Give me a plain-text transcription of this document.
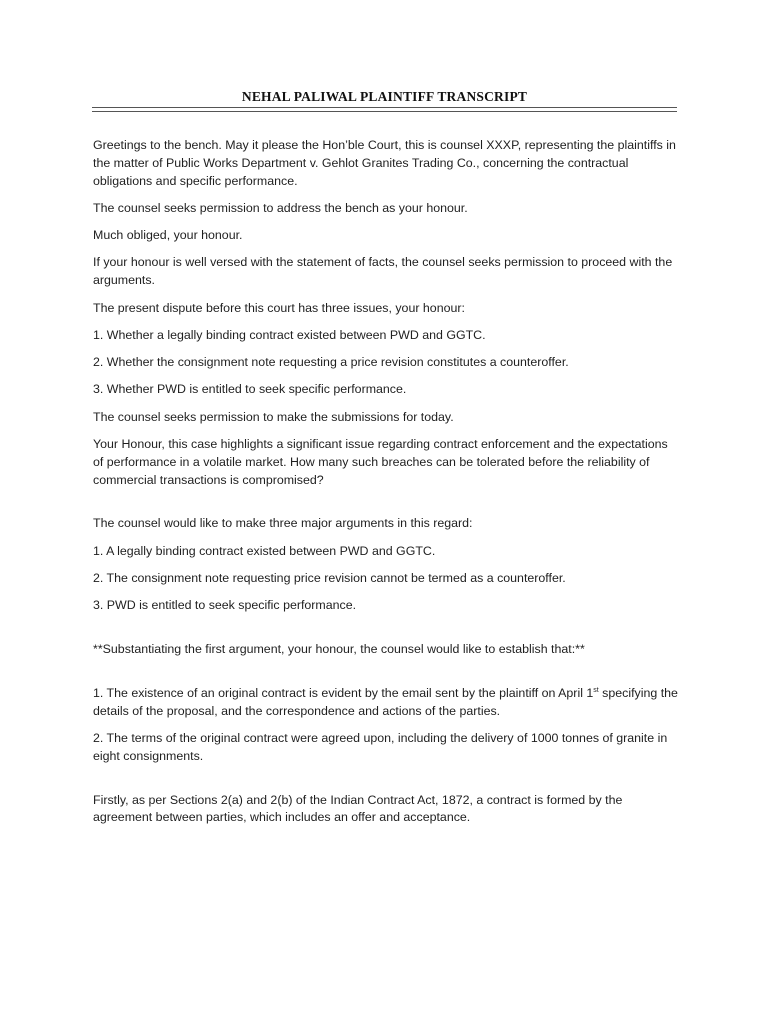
NEHAL PALIWAL PLAINTIFF TRANSCRIPT

Greetings to the bench. May it please the Hon’ble Court, this is counsel XXXP, representing the plaintiffs in the matter of Public Works Department v. Gehlot Granites Trading Co., concerning the contractual obligations and specific performance.

The counsel seeks permission to address the bench as your honour.

Much obliged, your honour.

If your honour is well versed with the statement of facts, the counsel seeks permission to proceed with the arguments.

The present dispute before this court has three issues, your honour:

1. Whether a legally binding contract existed between PWD and GGTC.

2. Whether the consignment note requesting a price revision constitutes a counteroffer.

3. Whether PWD is entitled to seek specific performance.

The counsel seeks permission to make the submissions for today.

Your Honour, this case highlights a significant issue regarding contract enforcement and the expectations of performance in a volatile market. How many such breaches can be tolerated before the reliability of commercial transactions is compromised?

The counsel would like to make three major arguments in this regard:

1. A legally binding contract existed between PWD and GGTC.

2. The consignment note requesting price revision cannot be termed as a counteroffer.

3. PWD is entitled to seek specific performance.

**Substantiating the first argument, your honour, the counsel would like to establish that:**

1. The existence of an original contract is evident by the email sent by the plaintiff on April 1st specifying the details of the proposal, and the correspondence and actions of the parties.

2. The terms of the original contract were agreed upon, including the delivery of 1000 tonnes of granite in eight consignments.

Firstly, as per Sections 2(a) and 2(b) of the Indian Contract Act, 1872, a contract is formed by the agreement between parties, which includes an offer and acceptance.
